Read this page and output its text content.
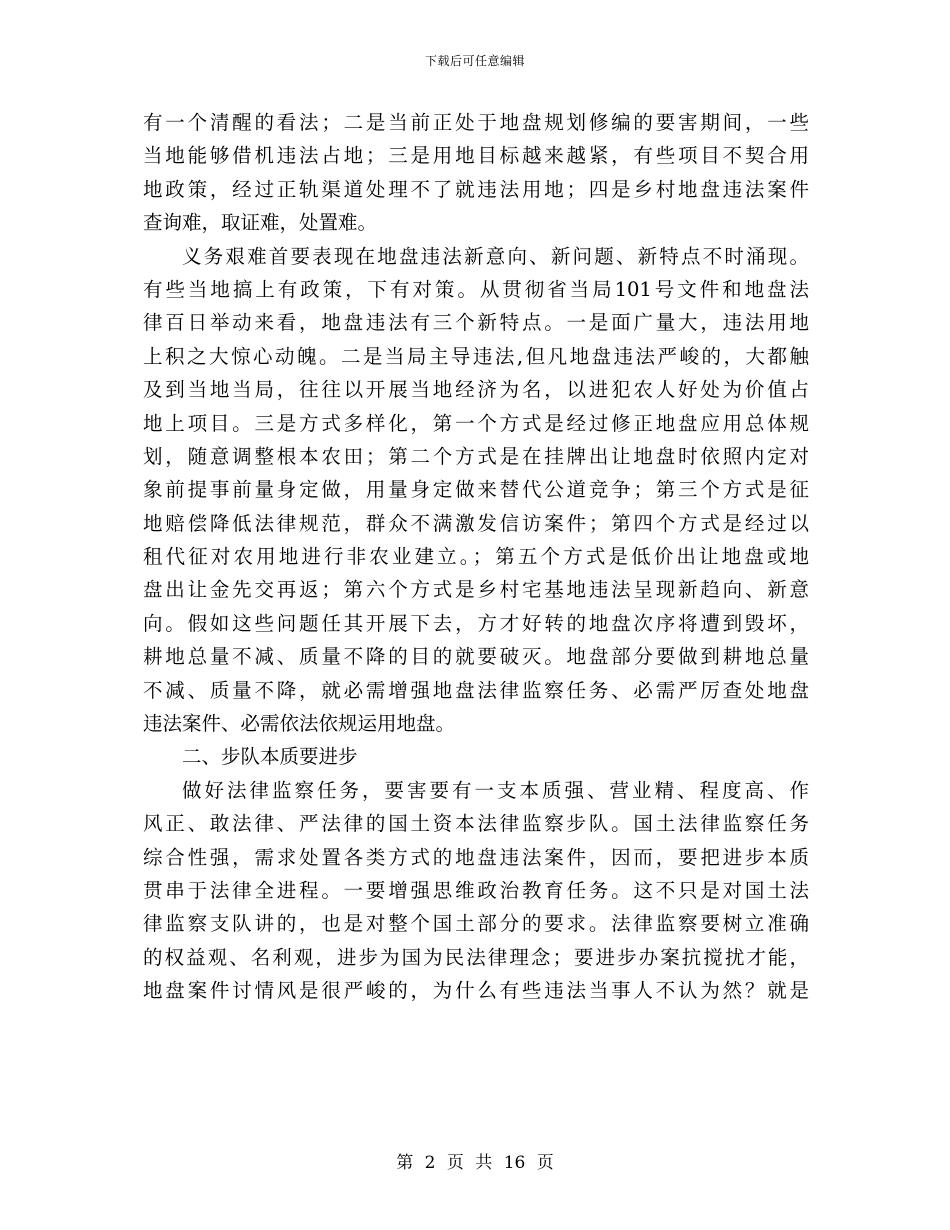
下载后可任意编辑
有一个清醒的看法；二是当前正处于地盘规划修编的要害期间，一些
当地能够借机违法占地；三是用地目标越来越紧，有些项目不契合用
地政策，经过正轨渠道处理不了就违法用地；四是乡村地盘违法案件
查询难，取证难，处置难。
义务艰难首要表现在地盘违法新意向、新问题、新特点不时涌现。
有些当地搞上有政策，下有对策。从贯彻省当局101号文件和地盘法
律百日举动来看，地盘违法有三个新特点。一是面广量大，违法用地
上积之大惊心动魄。二是当局主导违法,但凡地盘违法严峻的，大都触
及到当地当局，往往以开展当地经济为名，以进犯农人好处为价值占
地上项目。三是方式多样化，第一个方式是经过修正地盘应用总体规
划，随意调整根本农田；第二个方式是在挂牌出让地盘时依照内定对
象前提事前量身定做，用量身定做来替代公道竞争；第三个方式是征
地赔偿降低法律规范，群众不满激发信访案件；第四个方式是经过以
租代征对农用地进行非农业建立。；第五个方式是低价出让地盘或地
盘出让金先交再返；第六个方式是乡村宅基地违法呈现新趋向、新意
向。假如这些问题任其开展下去，方才好转的地盘次序将遭到毁坏，
耕地总量不减、质量不降的目的就要破灭。地盘部分要做到耕地总量
不减、质量不降，就必需增强地盘法律监察任务、必需严厉查处地盘
违法案件、必需依法依规运用地盘。
二、步队本质要进步
做好法律监察任务，要害要有一支本质强、营业精、程度高、作
风正、敢法律、严法律的国土资本法律监察步队。国土法律监察任务
综合性强，需求处置各类方式的地盘违法案件，因而，要把进步本质
贯串于法律全进程。一要增强思维政治教育任务。这不只是对国土法
律监察支队讲的，也是对整个国土部分的要求。法律监察要树立准确
的权益观、名利观，进步为国为民法律理念；要进步办案抗搅扰才能，
地盘案件讨情风是很严峻的，为什么有些违法当事人不认为然？就是
第 2 页 共 16 页
